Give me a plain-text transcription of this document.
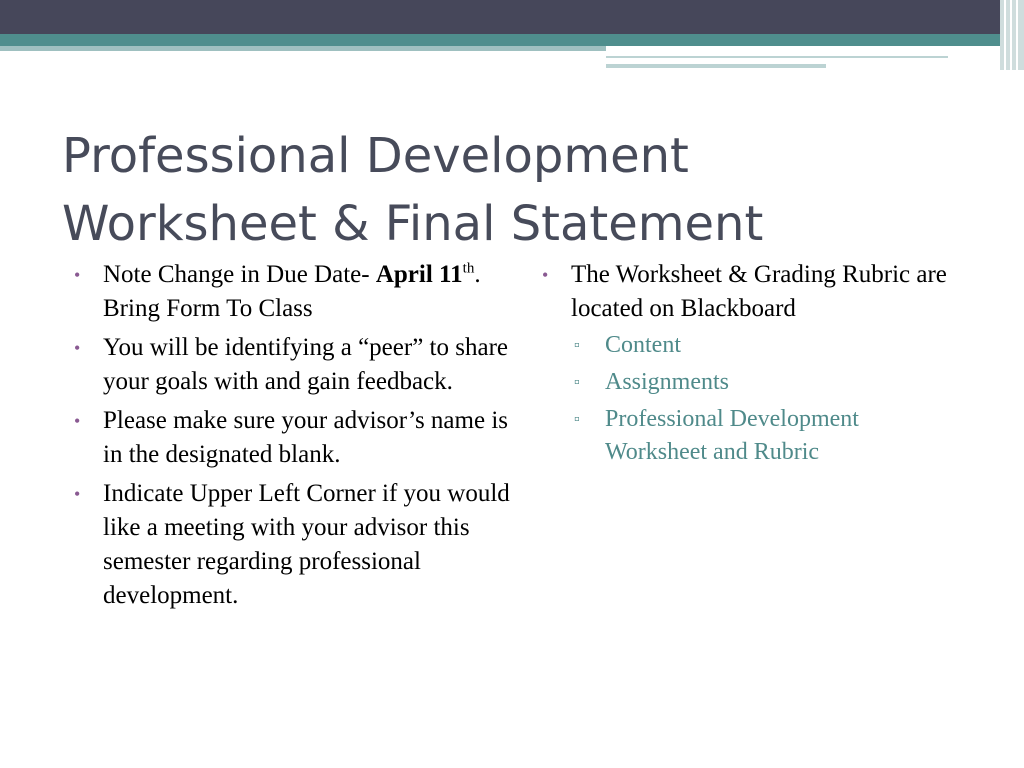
Professional Development
Worksheet & Final Statement
• Note Change in Due Date- April 11th. Bring Form To Class
• You will be identifying a “peer” to share your goals with and gain feedback.
• Please make sure your advisor’s name is in the designated blank.
• Indicate Upper Left Corner if you would like a meeting with your advisor this semester regarding professional development.
• The Worksheet & Grading Rubric are located on Blackboard
▫ Content
▫ Assignments
▫ Professional Development Worksheet and Rubric
